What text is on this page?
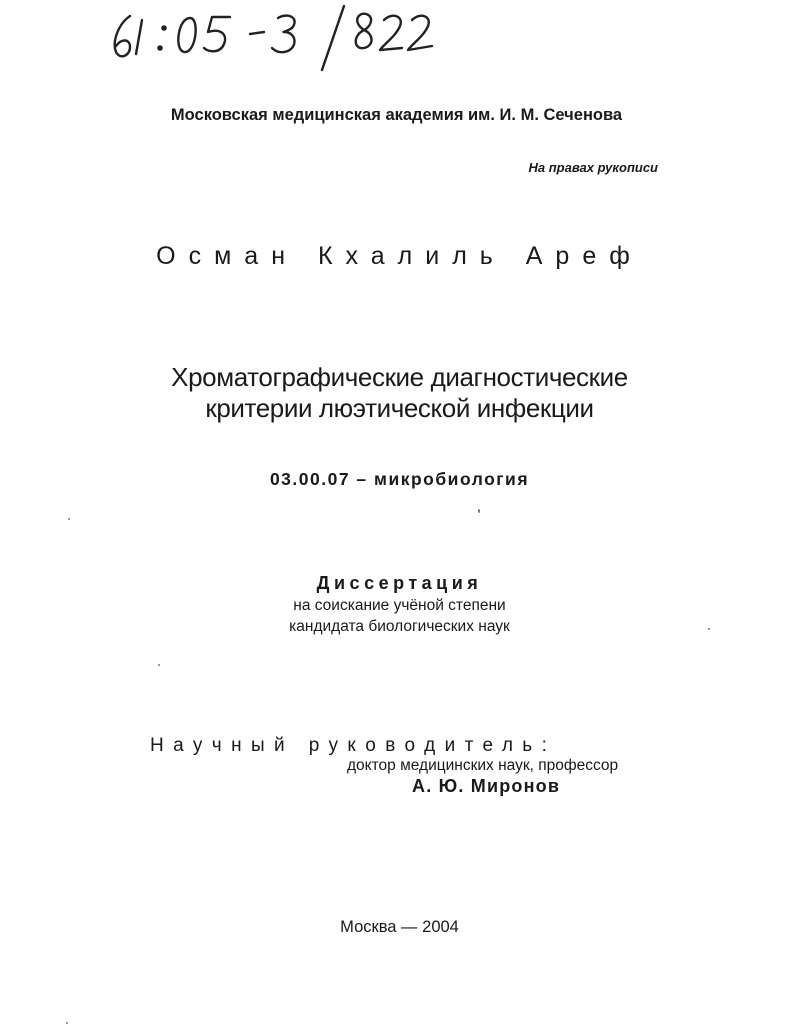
Московская медицинская академия им. И. М. Сеченова
На правах рукописи
Осман Кхалиль Ареф
Хроматографические диагностические
критерии люэтической инфекции
03.00.07 – микробиология
Диссертация
на соискание учёной степени
кандидата биологических наук
Научный руководитель:
доктор медицинских наук, профессор
А. Ю. Миронов
Москва — 2004
